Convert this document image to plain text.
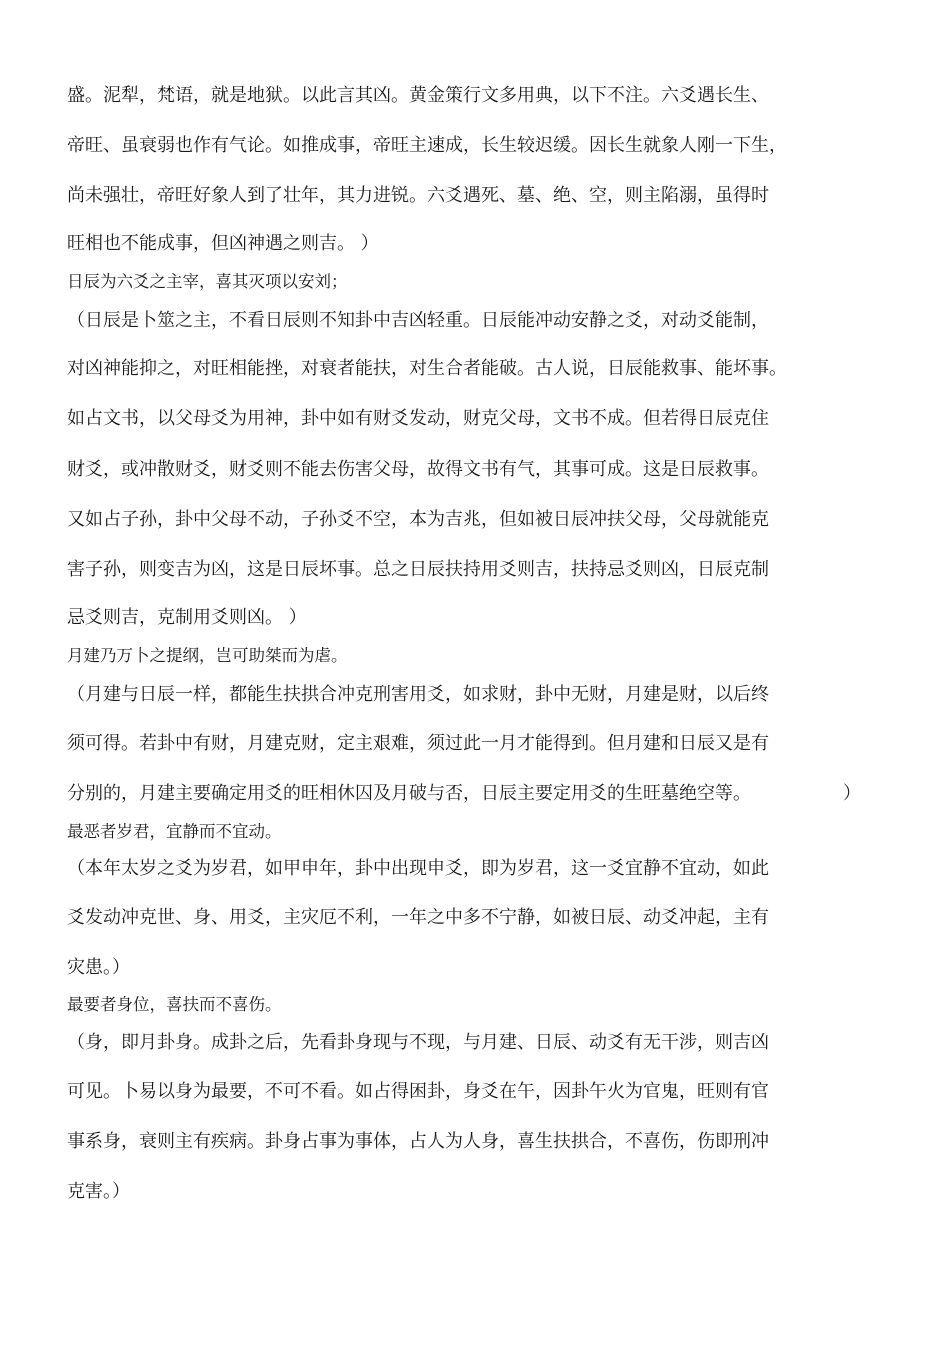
盛。泥犁，梵语，就是地狱。以此言其凶。黄金策行文多用典，以下不注。六爻遇长生、
帝旺、虽衰弱也作有气论。如推成事，帝旺主速成，长生较迟缓。因长生就象人刚一下生，
尚未强壮，帝旺好象人到了壮年，其力进锐。六爻遇死、墓、绝、空，则主陷溺，虽得时
旺相也不能成事，但凶神遇之则吉。 ）
日辰为六爻之主宰，喜其灭项以安刘；
（日辰是卜筮之主，不看日辰则不知卦中吉凶轻重。日辰能冲动安静之爻，对动爻能制，
对凶神能抑之，对旺相能挫，对衰者能扶，对生合者能破。古人说，日辰能救事、能坏事。
如占文书，以父母爻为用神，卦中如有财爻发动，财克父母，文书不成。但若得日辰克住
财爻，或冲散财爻，财爻则不能去伤害父母，故得文书有气，其事可成。这是日辰救事。
又如占子孙，卦中父母不动，子孙爻不空，本为吉兆，但如被日辰冲扶父母，父母就能克
害子孙，则变吉为凶，这是日辰坏事。总之日辰扶持用爻则吉，扶持忌爻则凶，日辰克制
忌爻则吉，克制用爻则凶。 ）
月建乃万卜之提纲，岂可助桀而为虐。
（月建与日辰一样，都能生扶拱合冲克刑害用爻，如求财，卦中无财，月建是财，以后终
须可得。若卦中有财，月建克财，定主艰难，须过此一月才能得到。但月建和日辰又是有
分别的，月建主要确定用爻的旺相休囚及月破与否，日辰主要定用爻的生旺墓绝空等。	）
最恶者岁君，宜静而不宜动。
（本年太岁之爻为岁君，如甲申年，卦中出现申爻，即为岁君，这一爻宜静不宜动，如此
爻发动冲克世、身、用爻，主灾厄不利，一年之中多不宁静，如被日辰、动爻冲起，主有
灾患。）
最要者身位，喜扶而不喜伤。
（身，即月卦身。成卦之后，先看卦身现与不现，与月建、日辰、动爻有无干涉，则吉凶
可见。卜易以身为最要，不可不看。如占得困卦，身爻在午，因卦午火为官鬼，旺则有官
事系身，衰则主有疾病。卦身占事为事体，占人为人身，喜生扶拱合，不喜伤，伤即刑冲
克害。）
